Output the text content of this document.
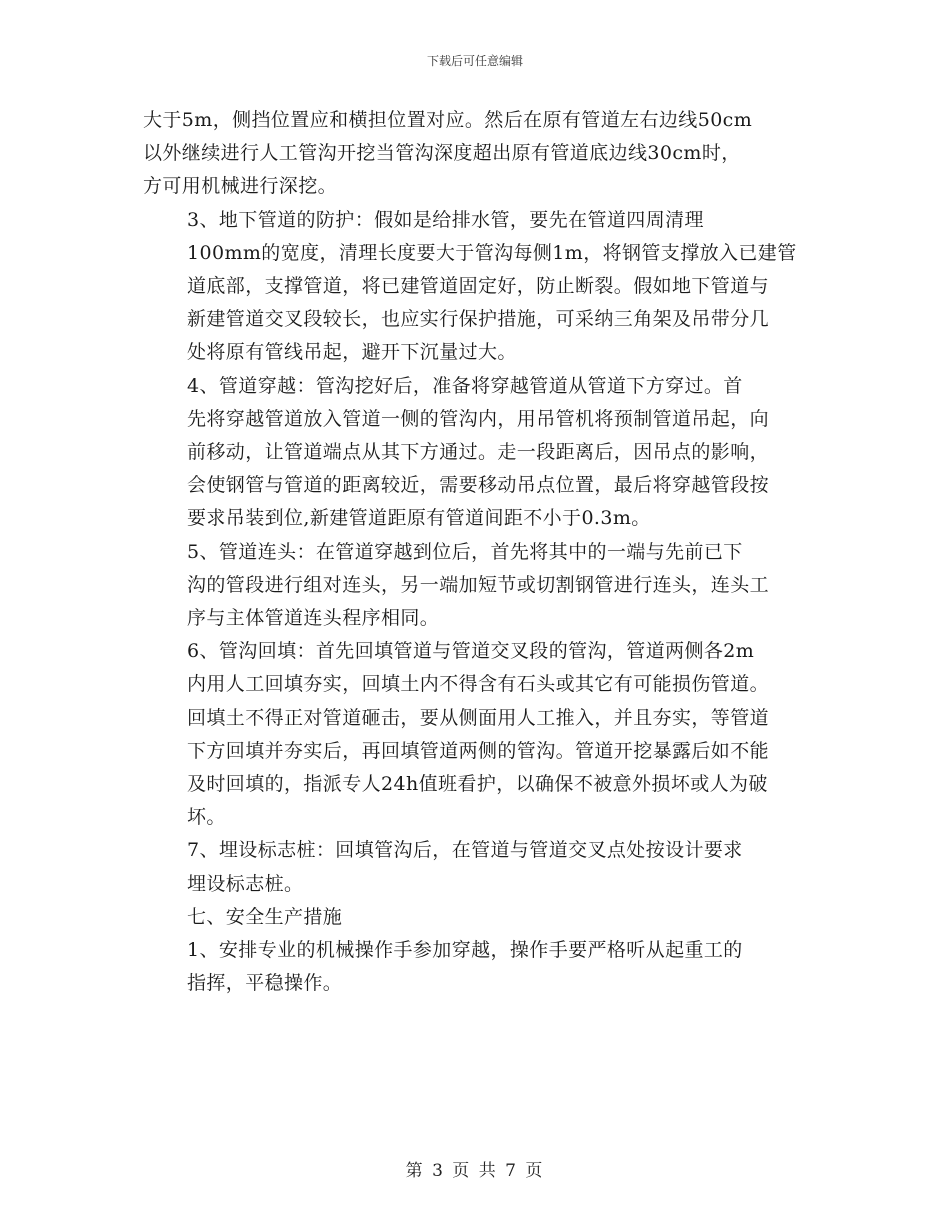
下载后可任意编辑

大于5m，侧挡位置应和横担位置对应。然后在原有管道左右边线50cm
以外继续进行人工管沟开挖当管沟深度超出原有管道底边线30cm时，
方可用机械进行深挖。

3、地下管道的防护：假如是给排水管，要先在管道四周清理
100mm的宽度，清理长度要大于管沟每侧1m，将钢管支撑放入已建管
道底部，支撑管道，将已建管道固定好，防止断裂。假如地下管道与
新建管道交叉段较长，也应实行保护措施，可采纳三角架及吊带分几
处将原有管线吊起，避开下沉量过大。

4、管道穿越：管沟挖好后，准备将穿越管道从管道下方穿过。首
先将穿越管道放入管道一侧的管沟内，用吊管机将预制管道吊起，向
前移动，让管道端点从其下方通过。走一段距离后，因吊点的影响，
会使钢管与管道的距离较近，需要移动吊点位置，最后将穿越管段按
要求吊装到位,新建管道距原有管道间距不小于0.3m。

5、管道连头：在管道穿越到位后，首先将其中的一端与先前已下
沟的管段进行组对连头，另一端加短节或切割钢管进行连头，连头工
序与主体管道连头程序相同。

6、管沟回填：首先回填管道与管道交叉段的管沟，管道两侧各2m
内用人工回填夯实，回填土内不得含有石头或其它有可能损伤管道。
回填土不得正对管道砸击，要从侧面用人工推入，并且夯实，等管道
下方回填并夯实后，再回填管道两侧的管沟。管道开挖暴露后如不能
及时回填的，指派专人24h值班看护，以确保不被意外损坏或人为破
坏。

7、埋设标志桩：回填管沟后，在管道与管道交叉点处按设计要求
埋设标志桩。

七、安全生产措施

1、安排专业的机械操作手参加穿越，操作手要严格听从起重工的
指挥，平稳操作。

第 3 页 共 7 页
